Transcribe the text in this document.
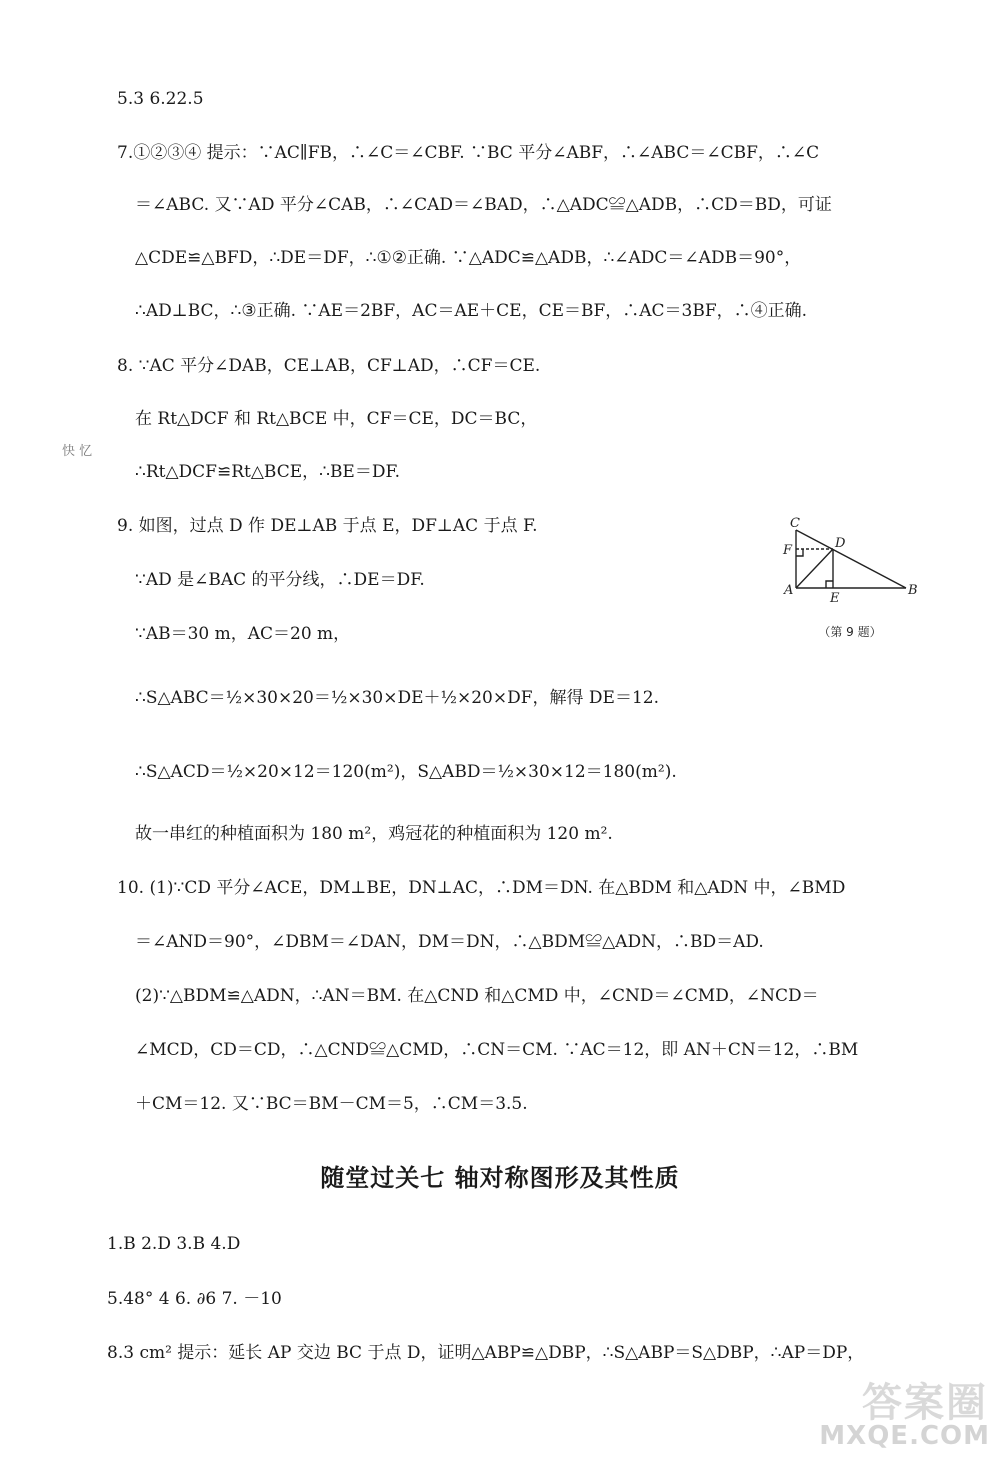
5.3 6.22.5
7.①②③④ 提示：∵AC∥FB，∴∠C＝∠CBF. ∵BC 平分∠ABF，∴∠ABC＝∠CBF，∴∠C
＝∠ABC. 又∵AD 平分∠CAB，∴∠CAD＝∠BAD，∴△ADC≌△ADB，∴CD＝BD，可证
△CDE≌△BFD，∴DE＝DF，∴①②正确. ∵△ADC≌△ADB，∴∠ADC＝∠ADB＝90°，
∴AD⊥BC，∴③正确. ∵AE＝2BF，AC＝AE＋CE，CE＝BF，∴AC＝3BF，∴④正确.
8. ∵AC 平分∠DAB，CE⊥AB，CF⊥AD，∴CF＝CE.
在 Rt△DCF 和 Rt△BCE 中，CF＝CE，DC＝BC，
∴Rt△DCF≌Rt△BCE，∴BE＝DF.
快 忆
9. 如图，过点 D 作 DE⊥AB 于点 E，DF⊥AC 于点 F.
∵AD 是∠BAC 的平分线，∴DE＝DF.
∵AB＝30 m，AC＝20 m，
∴S△ABC＝½×30×20＝½×30×DE＋½×20×DF，解得 DE＝12.
∴S△ACD＝½×20×12＝120(m²)，S△ABD＝½×30×12＝180(m²).
故一串红的种植面积为 180 m²，鸡冠花的种植面积为 120 m².
C
F	D
A
E
B
（第 9 题）
10. (1)∵CD 平分∠ACE，DM⊥BE，DN⊥AC，∴DM＝DN. 在△BDM 和△ADN 中，∠BMD
＝∠AND＝90°，∠DBM＝∠DAN，DM＝DN，∴△BDM≌△ADN，∴BD＝AD.
(2)∵△BDM≌△ADN，∴AN＝BM. 在△CND 和△CMD 中，∠CND＝∠CMD，∠NCD＝
∠MCD，CD＝CD，∴△CND≌△CMD，∴CN＝CM. ∵AC＝12，即 AN＋CN＝12，∴BM
＋CM＝12. 又∵BC＝BM－CM＝5，∴CM＝3.5.
随堂过关七 轴对称图形及其性质
1.B 2.D 3.B 4.D
5.48° 4 6. ∂6 7. －10
8.3 cm² 提示：延长 AP 交边 BC 于点 D，证明△ABP≌△DBP，∴S△ABP＝S△DBP，∴AP＝DP，
答案圈
MXQE.COM
